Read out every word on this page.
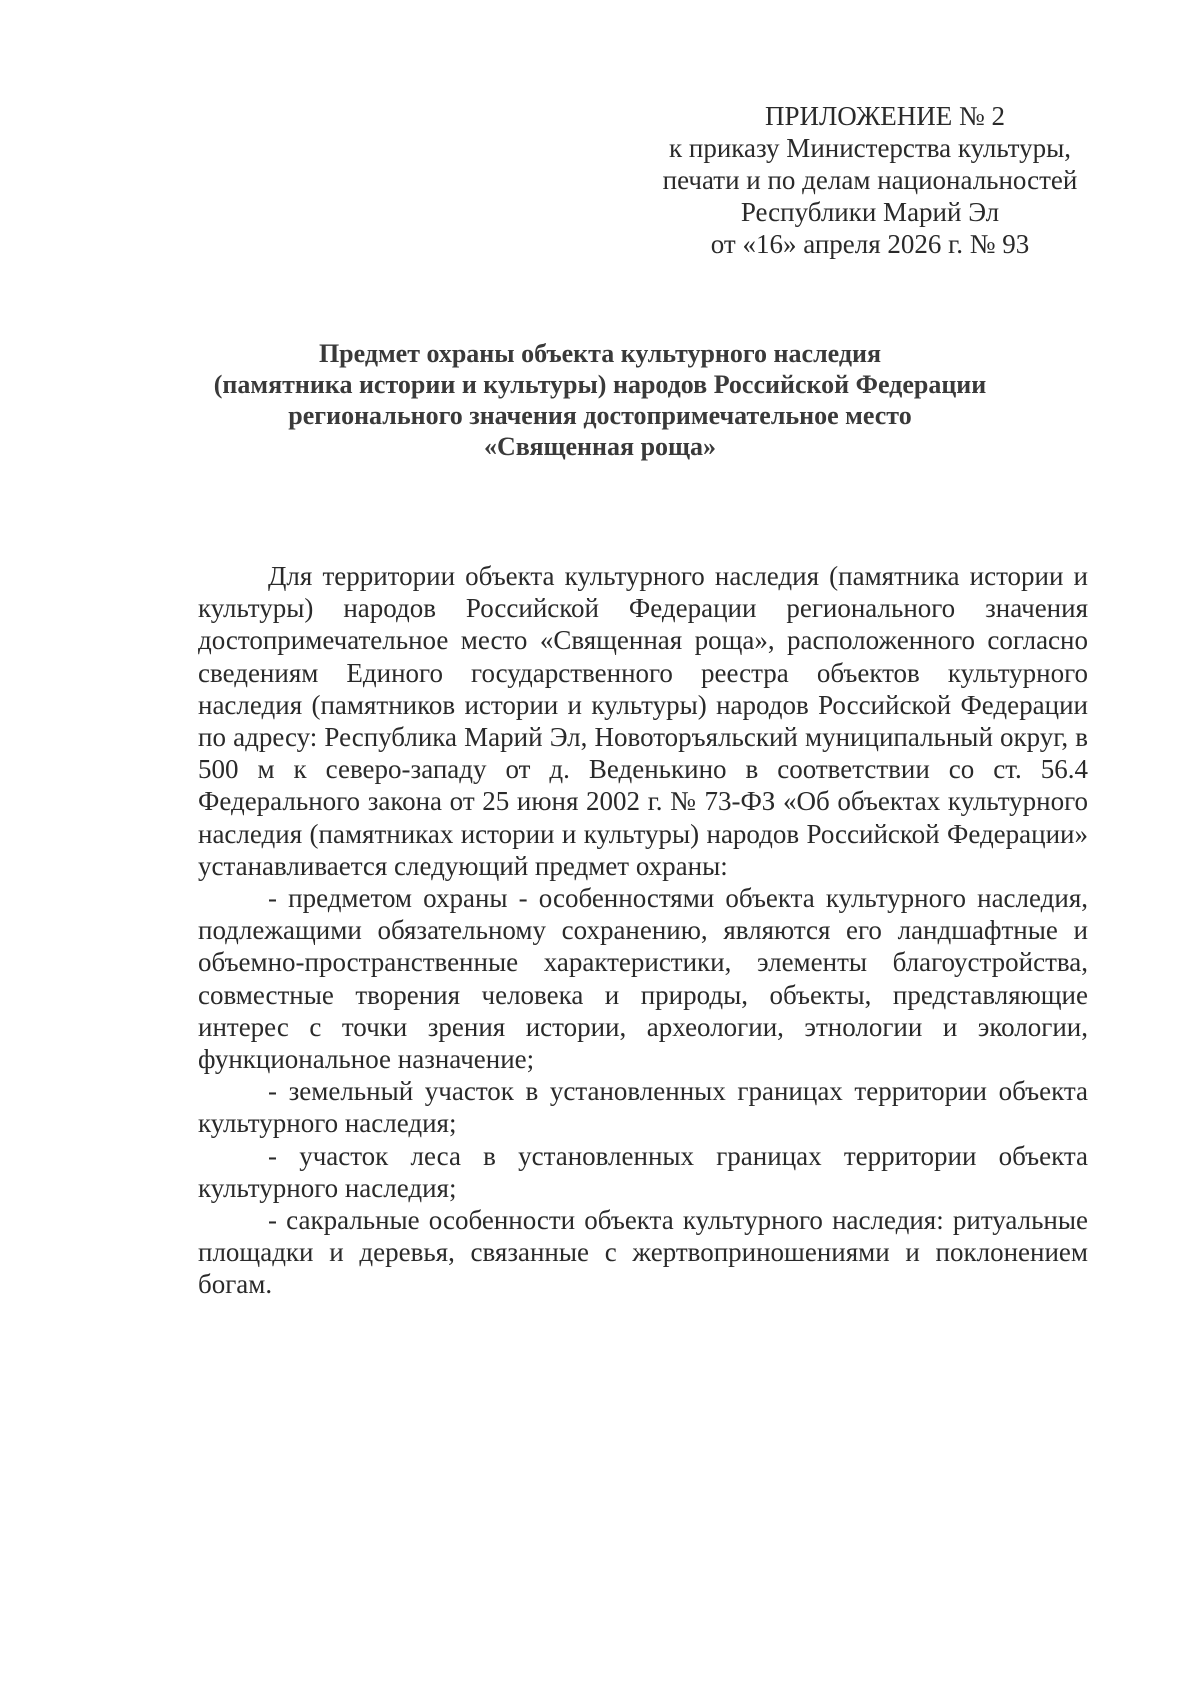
ПРИЛОЖЕНИЕ № 2
к приказу Министерства культуры,
печати и по делам национальностей
Республики Марий Эл
от «16» апреля 2026 г. № 93
Предмет охраны объекта культурного наследия
(памятника истории и культуры) народов Российской Федерации
регионального значения достопримечательное место
«Священная роща»

Для территории объекта культурного наследия (памятника истории и культуры) народов Российской Федерации регионального значения достопримечательное место «Священная роща», расположенного согласно сведениям Единого государственного реестра объектов культурного наследия (памятников истории и культуры) народов Российской Федерации по адресу: Республика Марий Эл, Новоторъяльский муниципальный округ, в 500 м к северо-западу от д. Веденькино в соответствии со ст. 56.4 Федерального закона от 25 июня 2002 г. № 73-ФЗ «Об объектах культурного наследия (памятниках истории и культуры) народов Российской Федерации» устанавливается следующий предмет охраны:

- предметом охраны - особенностями объекта культурного наследия, подлежащими обязательному сохранению, являются его ландшафтные и объемно-пространственные характеристики, элементы благоустройства, совместные творения человека и природы, объекты, представляющие интерес с точки зрения истории, археологии, этнологии и экологии, функциональное назначение;

- земельный участок в установленных границах территории объекта культурного наследия;

- участок леса в установленных границах территории объекта культурного наследия;

- сакральные особенности объекта культурного наследия: ритуальные площадки и деревья, связанные с жертвоприношениями и поклонением богам.
